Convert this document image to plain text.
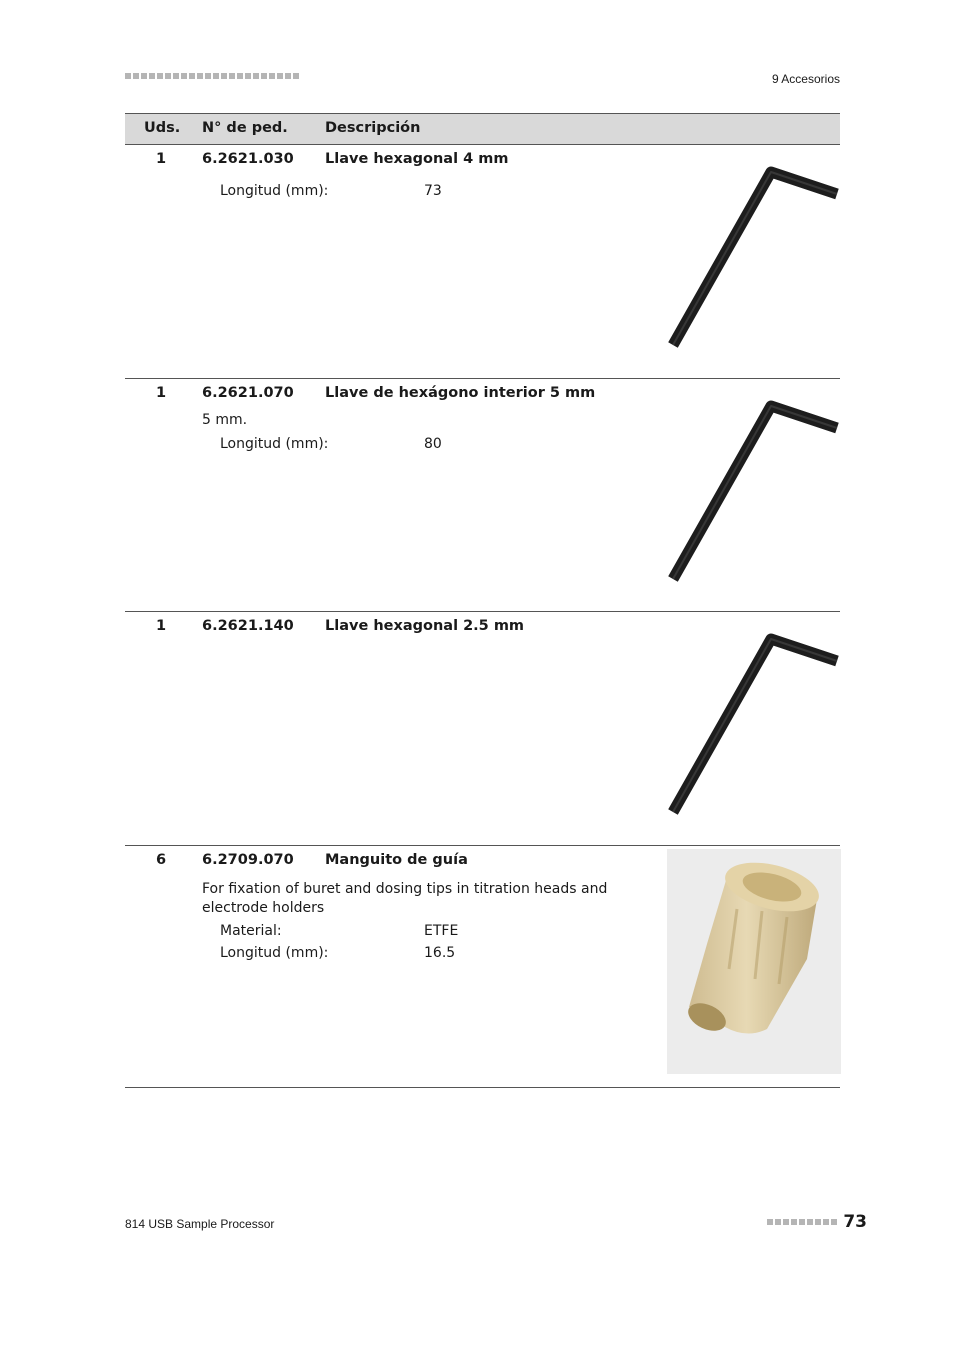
9 Accesorios
Uds. N° de ped.	Descripción
1 6.2621.030 Llave hexagonal 4 mm
Longitud (mm):	73
1 6.2621.070 Llave de hexágono interior 5 mm
5 mm.
Longitud (mm):	80
1 6.2621.140 Llave hexagonal 2.5 mm
6 6.2709.070 Manguito de guía
For fixation of buret and dosing tips in titration heads and electrode holders
Material:	ETFE
Longitud (mm):	16.5
814 USB Sample Processor	73
